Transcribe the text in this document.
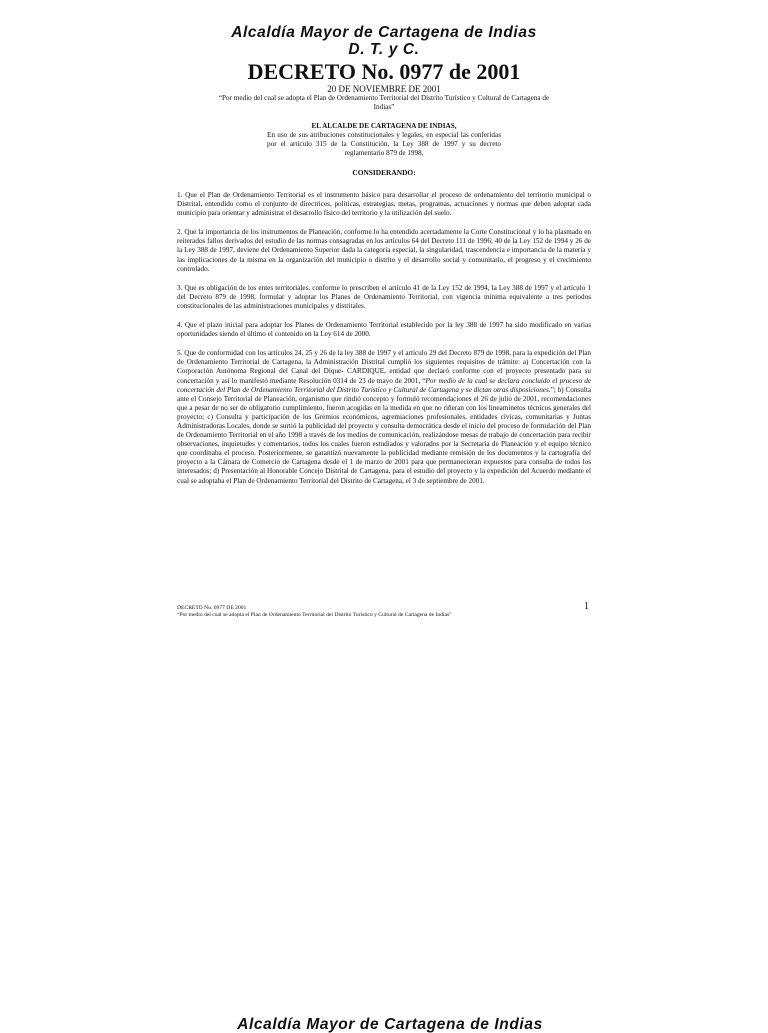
Alcaldía Mayor de Cartagena de Indias
D. T. y C.
DECRETO No. 0977 de 2001
20 DE NOVIEMBRE DE 2001
“Por medio del cual se adopta el Plan de Ordenamiento Territorial del Distrito Turístico y Cultural de Cartagena de Indias”
EL ALCALDE DE CARTAGENA DE INDIAS,
En uso de sus atribuciones constitucionales y legales, en especial las conferidas por el artículo 315 de la Constitución, la Ley 388 de 1997 y su decreto reglamentario 879 de 1998,
CONSIDERANDO:

1. Que el Plan de Ordenamiento Territorial es el instrumento básico para desarrollar el proceso de ordenamiento del territorio municipal o Distrital, entendido como el conjunto de directrices, políticas, estrategias, metas, programas, actuaciones y normas que deben adoptar cada municipio para orientar y administrar el desarrollo físico del territorio y la utilización del suelo.

2. Que la importancia de los instrumentos de Planeación, conforme lo ha entendido acertadamente la Corte Constitucional y lo ha plasmado en reiterados fallos derivados del estudio de las normas consagradas en los artículos 64 del Decreto 111 de 1996; 40 de la Ley 152 de 1994 y 26 de la Ley 388 de 1997, deviene del Ordenamiento Superior dada la categoría especial, la singularidad, trascendencia e importancia de la materia y las implicaciones de la misma en la organización del municipio o distrito y el desarrollo social y comunitario, el progreso y el crecimiento controlado.

3. Que es obligación de los entes territoriales, conforme lo prescriben el artículo 41 de la Ley 152 de 1994, la Ley 388 de 1997 y el artículo 1 del Decreto 879 de 1998, formular y adoptar los Planes de Ordenamiento Territorial, con vigencia mínima equivalente a tres periodos constitucionales de las administraciones municipales y distritales.

4. Que el plazo inicial para adoptar los Planes de Ordenamiento Territorial establecido por la ley 388 de 1997 ha sido modificado en varias oportunidades siendo el último el contenido en la Ley 614 de 2000.

5. Que de conformidad con los artículos 24, 25 y 26 de la ley 388 de 1997 y el artículo 29 del Decreto 879 de 1998, para la expedición del Plan de Ordenamiento Territorial de Cartagena, la Administración Distrital cumplió los siguientes requisitos de trámite: a) Concertación con la Corporación Autónoma Regional del Canal del Dique- CARDIQUE, entidad que declaró conforme con el proyecto presentado para su concertación y así lo manifestó mediante Resolución 0314 de 23 de mayo de 2001, “Por medio de la cual se declara concluido el proceso de concertación del Plan de Ordenamiento Territorial del Distrito Turístico y Cultural de Cartagena y se dictan otras disposiciones.”; b) Consulta ante el Consejo Territorial de Planeación, organismo que rindió concepto y formuló recomendaciones el 26 de julio de 2001, recomendaciones que a pesar de no ser de obligatorio cumplimiento, fueron acogidas en la medida en que no riñeran con los lineaminetos técnicos generales del proyecto; c) Consulta y participación de los Gremios económicos, agremiaciones profesionales, entidades cívicas, comunitarias y Juntas Administradoras Locales, donde se surtió la publicidad del proyecto y consulta democrática desde el inicio del proceso de formulación del Plan de Ordenamiento Territorial en el año 1998 a través de los medios de comunicación, realizándose mesas de trabajo de concertación para recibir observaciones, inquietudes y comentarios, todos los cuales fueron estudiados y valorados por la Secretaría de Planeación y el equipo técnico que coordinaba el proceso. Posteriormente, se garantizó nuevamente la publicidad mediante remisión de los documentos y la cartografía del proyecto a la Cámara de Comercio de Cartagena desde el 1 de marzo de 2001 para que permanecieran expuestos para consulta de todos los interesados; d) Presentación al Honorable Concejo Distrital de Cartagena, para el estudio del proyecto y la expedición del Acuerdo mediante el cual se adoptaba el Plan de Ordenamiento Territorial del Distrito de Cartagena, el 3 de septiembre de 2001.

DECRETO No. 0977 DE 2001
“Por medio del cual se adopta el Plan de Ordenamiento Territorial del Distrito Turístico y Cultural de Cartagena de Indias”
1
Alcaldía Mayor de Cartagena de Indias
